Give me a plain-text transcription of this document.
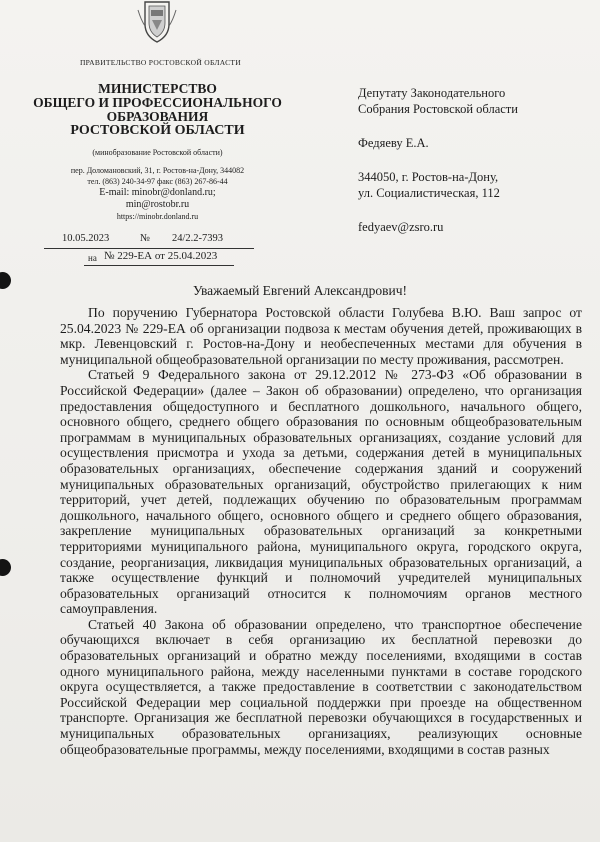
ПРАВИТЕЛЬСТВО РОСТОВСКОЙ ОБЛАСТИ
МИНИСТЕРСТВО
ОБЩЕГО И ПРОФЕССИОНАЛЬНОГО
ОБРАЗОВАНИЯ
РОСТОВСКОЙ ОБЛАСТИ
(минобразование Ростовской области)
пер. Доломановский, 31, г. Ростов-на-Дону, 344082
тел. (863) 240-34-97 факс (863) 267-86-44
E-mail: minobr@donland.ru;
min@rostobr.ru
https://minobr.donland.ru
10.05.2023	№ 24/2.2-7393
на № 229-ЕА от 25.04.2023
Депутату Законодательного
Собрания Ростовской области
Федяеву Е.А.
344050, г. Ростов-на-Дону,
ул. Социалистическая, 112
fedyaev@zsro.ru
Уважаемый Евгений Александрович!

По поручению Губернатора Ростовской области Голубева В.Ю. Ваш запрос от 25.04.2023 № 229-ЕА об организации подвоза к местам обучения детей, проживающих в мкр. Левенцовский г. Ростов-на-Дону и необеспеченных местами для обучения в муниципальной общеобразовательной организации по месту проживания, рассмотрен.

Статьей 9 Федерального закона от 29.12.2012 № 273-ФЗ «Об образовании в Российской Федерации» (далее – Закон об образовании) определено, что организация предоставления общедоступного и бесплатного дошкольного, начального общего, основного общего, среднего общего образования по основным общеобразовательным программам в муниципальных образовательных организациях, создание условий для осуществления присмотра и ухода за детьми, содержания детей в муниципальных образовательных организациях, обеспечение содержания зданий и сооружений муниципальных образовательных организаций, обустройство прилегающих к ним территорий, учет детей, подлежащих обучению по образовательным программам дошкольного, начального общего, основного общего и среднего общего образования, закрепление муниципальных образовательных организаций за конкретными территориями муниципального района, муниципального округа, городского округа, создание, реорганизация, ликвидация муниципальных образовательных организаций, а также осуществление функций и полномочий учредителей муниципальных образовательных организаций относится к полномочиям органов местного самоуправления.

Статьей 40 Закона об образовании определено, что транспортное обеспечение обучающихся включает в себя организацию их бесплатной перевозки до образовательных организаций и обратно между поселениями, входящими в состав одного муниципального района, между населенными пунктами в составе городского округа осуществляется, а также предоставление в соответствии с законодательством Российской Федерации мер социальной поддержки при проезде на общественном транспорте. Организация же бесплатной перевозки обучающихся в государственных и муниципальных образовательных организациях, реализующих основные общеобразовательные программы, между поселениями, входящими в состав разных
